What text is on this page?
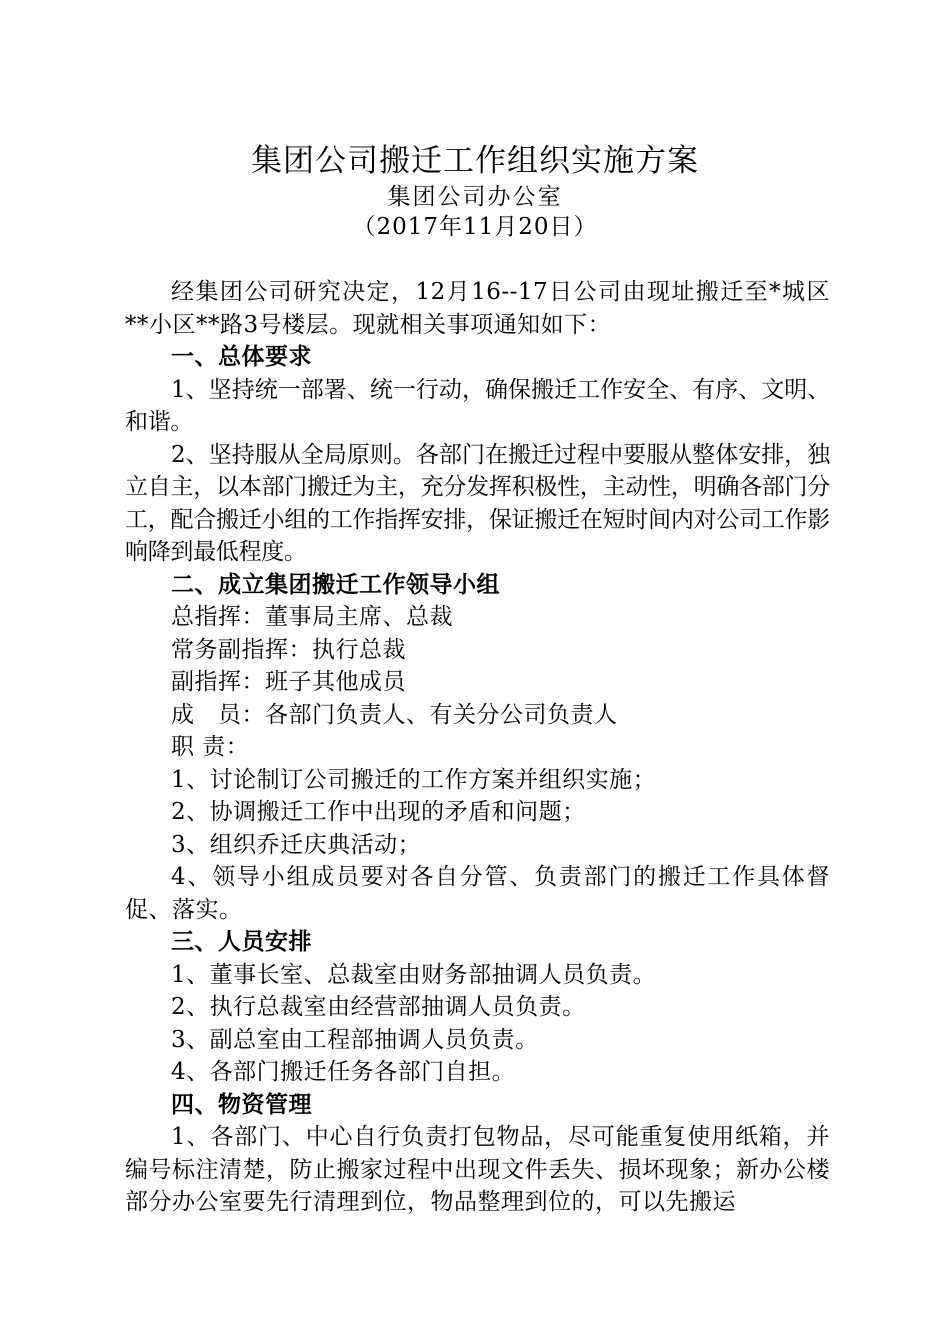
集团公司搬迁工作组织实施方案
集团公司办公室
（2017年11月20日）

经集团公司研究决定，12月16--17日公司由现址搬迁至*城区**小区**路3号楼层。现就相关事项通知如下：

一、总体要求

1、坚持统一部署、统一行动，确保搬迁工作安全、有序、文明、和谐。

2、坚持服从全局原则。各部门在搬迁过程中要服从整体安排，独立自主，以本部门搬迁为主，充分发挥积极性，主动性，明确各部门分工，配合搬迁小组的工作指挥安排，保证搬迁在短时间内对公司工作影响降到最低程度。

二、成立集团搬迁工作领导小组

总指挥：董事局主席、总裁

常务副指挥：执行总裁

副指挥：班子其他成员

成　员：各部门负责人、有关分公司负责人

职 责：

1、讨论制订公司搬迁的工作方案并组织实施；

2、协调搬迁工作中出现的矛盾和问题；

3、组织乔迁庆典活动；

4、领导小组成员要对各自分管、负责部门的搬迁工作具体督促、落实。

三、人员安排

1、董事长室、总裁室由财务部抽调人员负责。

2、执行总裁室由经营部抽调人员负责。

3、副总室由工程部抽调人员负责。

4、各部门搬迁任务各部门自担。

四、物资管理

1、各部门、中心自行负责打包物品，尽可能重复使用纸箱，并编号标注清楚，防止搬家过程中出现文件丢失、损坏现象；新办公楼部分办公室要先行清理到位，物品整理到位的，可以先搬运
